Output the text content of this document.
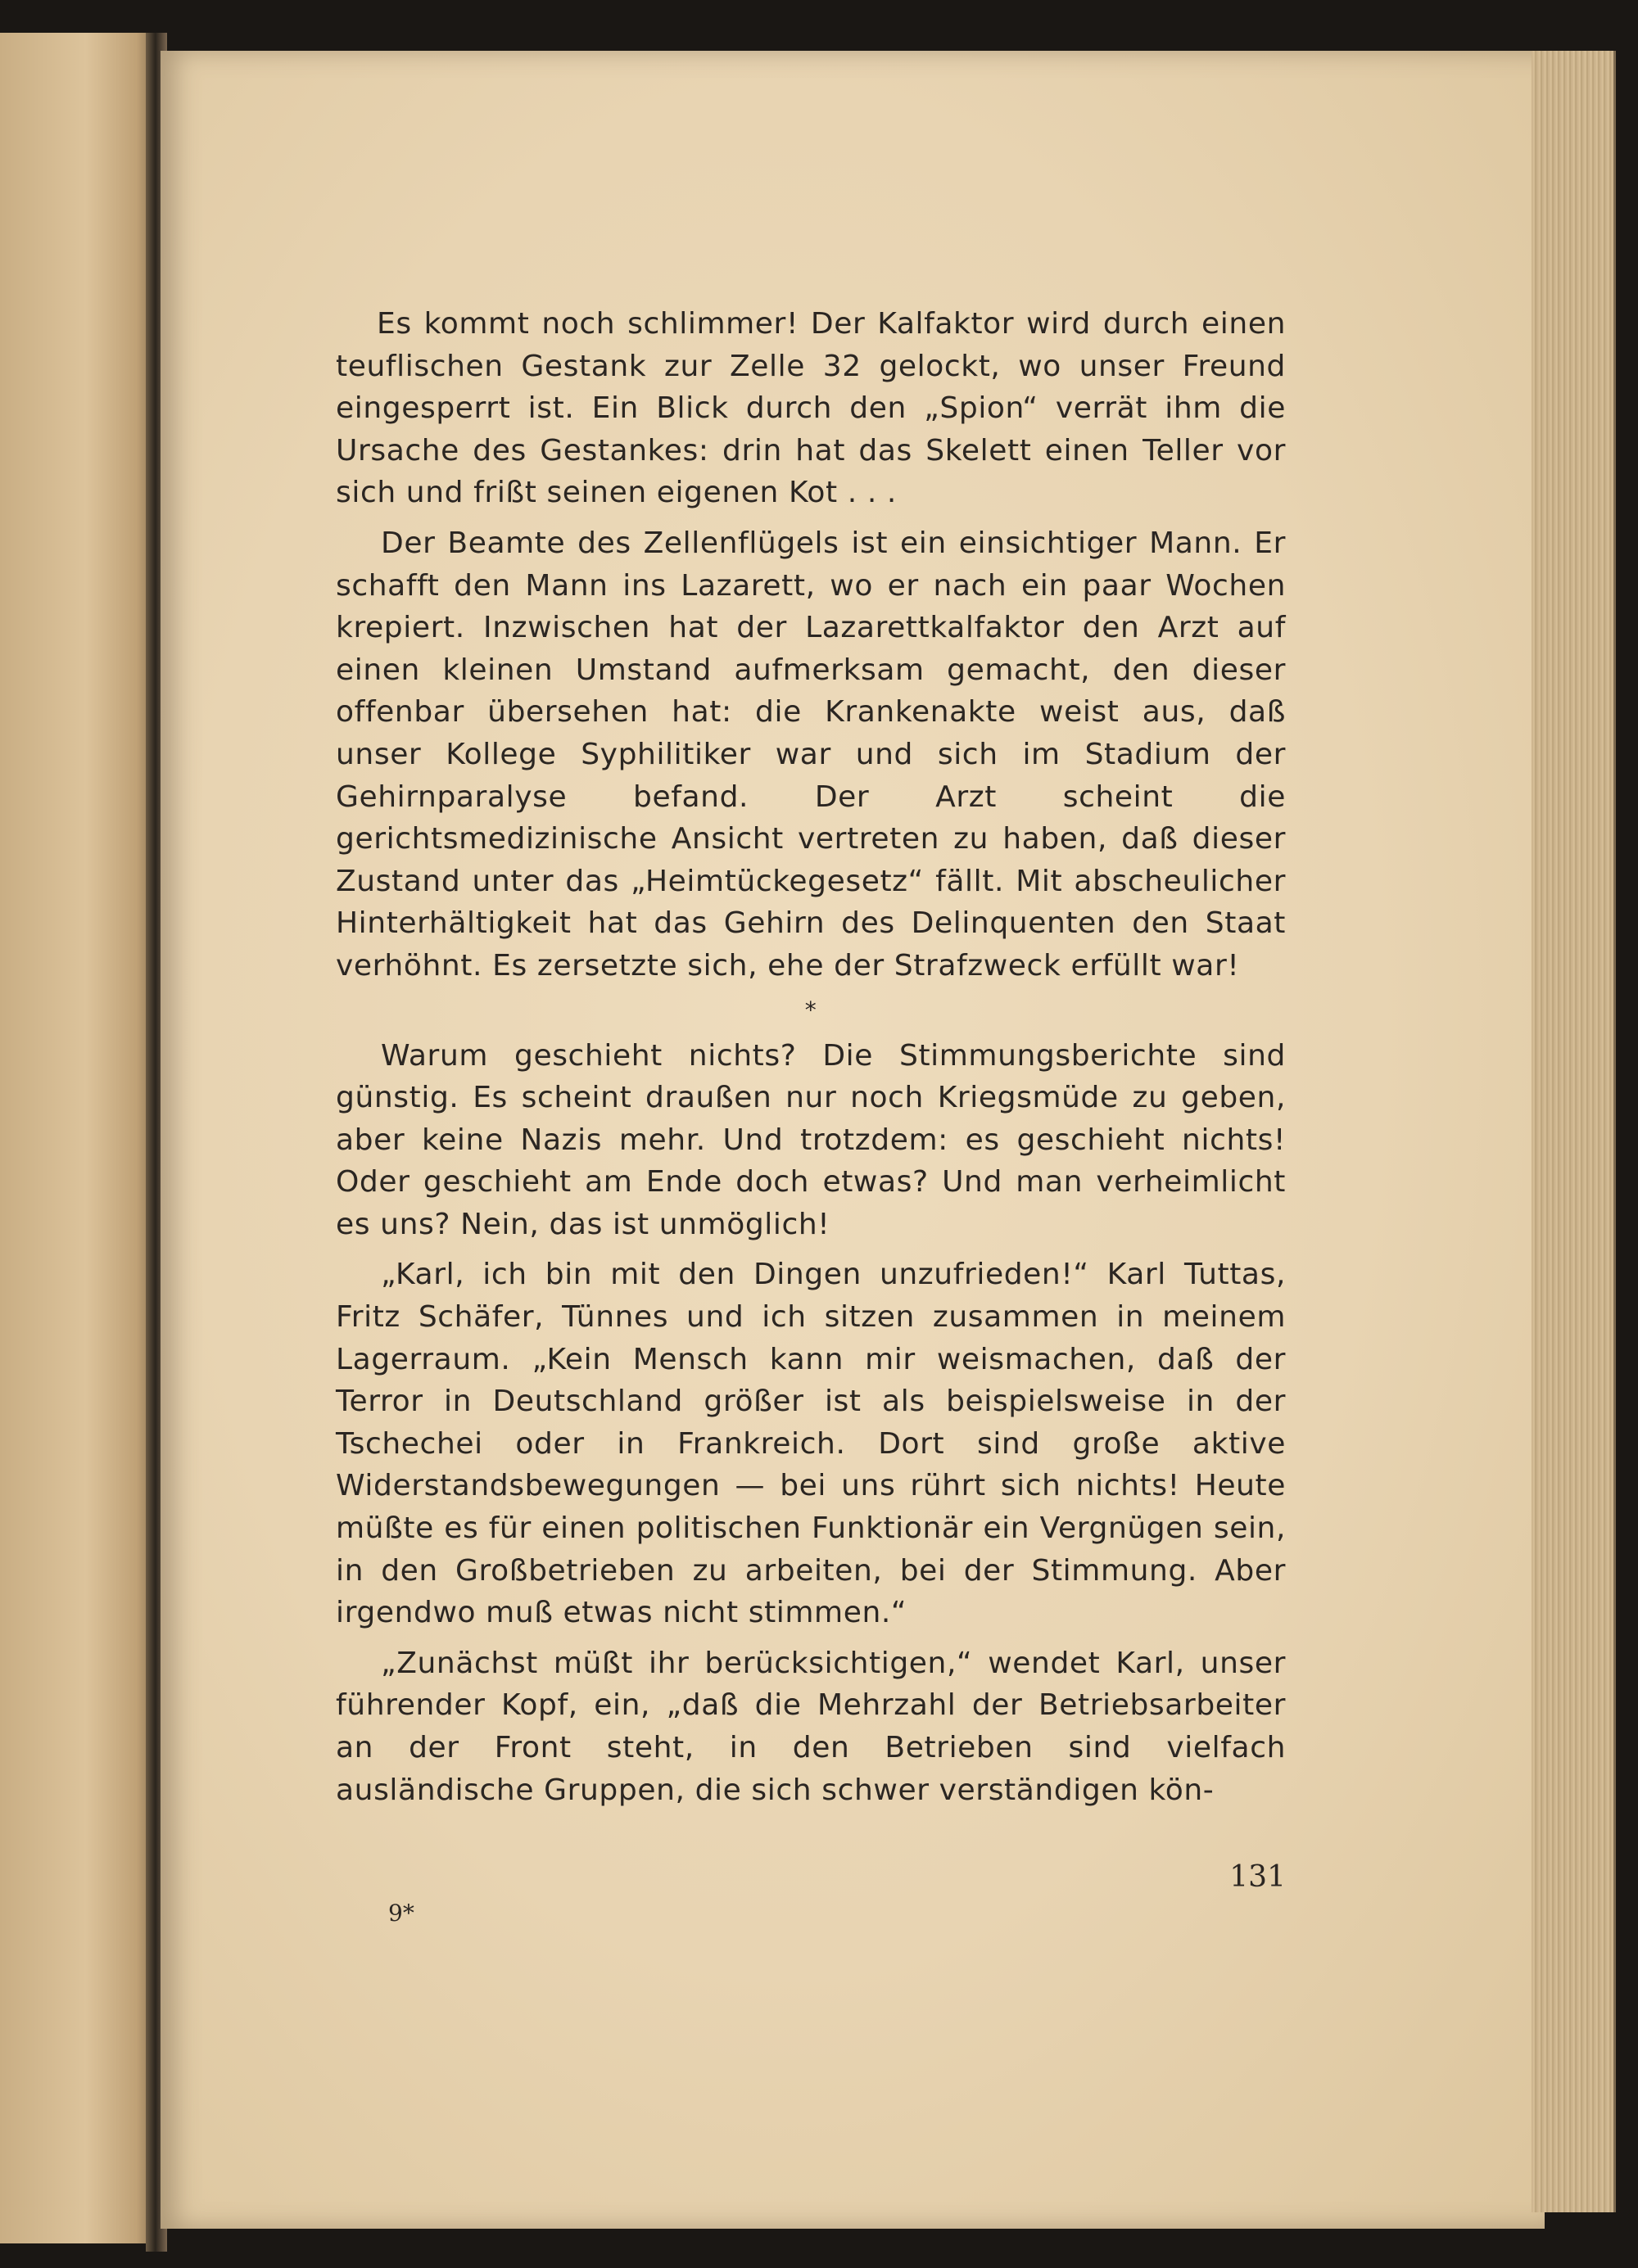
Es kommt noch schlimmer! Der Kalfaktor wird durch einen teuflischen Gestank zur Zelle 32 gelockt, wo unser Freund eingesperrt ist. Ein Blick durch den „Spion“ verrät ihm die Ursache des Gestankes: drin hat das Skelett einen Teller vor sich und frißt seinen eigenen Kot . . .

Der Beamte des Zellenflügels ist ein einsichtiger Mann. Er schafft den Mann ins Lazarett, wo er nach ein paar Wochen krepiert. Inzwischen hat der Lazarettkalfaktor den Arzt auf einen kleinen Umstand aufmerksam gemacht, den dieser offenbar übersehen hat: die Krankenakte weist aus, daß unser Kollege Syphilitiker war und sich im Stadium der Gehirnparalyse befand. Der Arzt scheint die gerichtsmedizinische Ansicht vertreten zu haben, daß dieser Zustand unter das „Heimtückegesetz“ fällt. Mit abscheulicher Hinterhältigkeit hat das Gehirn des Delinquenten den Staat verhöhnt. Es zersetzte sich, ehe der Strafzweck erfüllt war!

*

Warum geschieht nichts? Die Stimmungsberichte sind günstig. Es scheint draußen nur noch Kriegsmüde zu geben, aber keine Nazis mehr. Und trotzdem: es geschieht nichts! Oder geschieht am Ende doch etwas? Und man verheimlicht es uns? Nein, das ist unmöglich!

„Karl, ich bin mit den Dingen unzufrieden!“ Karl Tuttas, Fritz Schäfer, Tünnes und ich sitzen zusammen in meinem Lagerraum. „Kein Mensch kann mir weismachen, daß der Terror in Deutschland größer ist als beispielsweise in der Tschechei oder in Frankreich. Dort sind große aktive Widerstandsbewegungen — bei uns rührt sich nichts! Heute müßte es für einen politischen Funktionär ein Vergnügen sein, in den Großbetrieben zu arbeiten, bei der Stimmung. Aber irgendwo muß etwas nicht stimmen.“

„Zunächst müßt ihr berücksichtigen,“ wendet Karl, unser führender Kopf, ein, „daß die Mehrzahl der Betriebsarbeiter an der Front steht, in den Betrieben sind vielfach ausländische Gruppen, die sich schwer verständigen kön-

131
9*
